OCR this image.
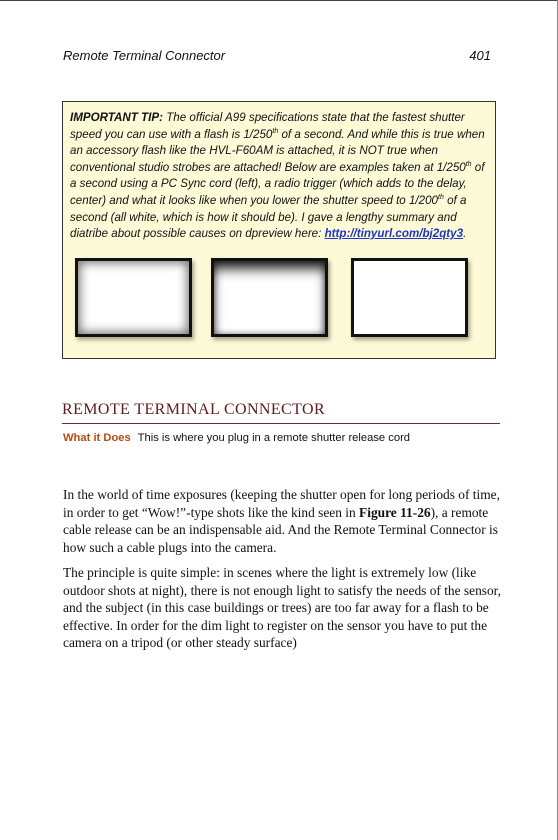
Remote Terminal Connector	401
IMPORTANT TIP: The official A99 specifications state that the fastest shutter speed you can use with a flash is 1/250th of a second. And while this is true when an accessory flash like the HVL-F60AM is attached, it is NOT true when conventional studio strobes are attached! Below are examples taken at 1/250th of a second using a PC Sync cord (left), a radio trigger (which adds to the delay, center) and what it looks like when you lower the shutter speed to 1/200th of a second (all white, which is how it should be). I gave a lengthy summary and diatribe about possible causes on dpreview here: http://tinyurl.com/bj2qty3.
REMOTE TERMINAL CONNECTOR
What it Does This is where you plug in a remote shutter release cord

In the world of time exposures (keeping the shutter open for long periods of time, in order to get “Wow!”-type shots like the kind seen in Figure 11-26), a remote cable release can be an indispensable aid. And the Remote Terminal Connector is how such a cable plugs into the camera.

The principle is quite simple: in scenes where the light is extremely low (like outdoor shots at night), there is not enough light to satisfy the needs of the sensor, and the subject (in this case buildings or trees) are too far away for a flash to be effective. In order for the dim light to register on the sensor you have to put the camera on a tripod (or other steady surface)
